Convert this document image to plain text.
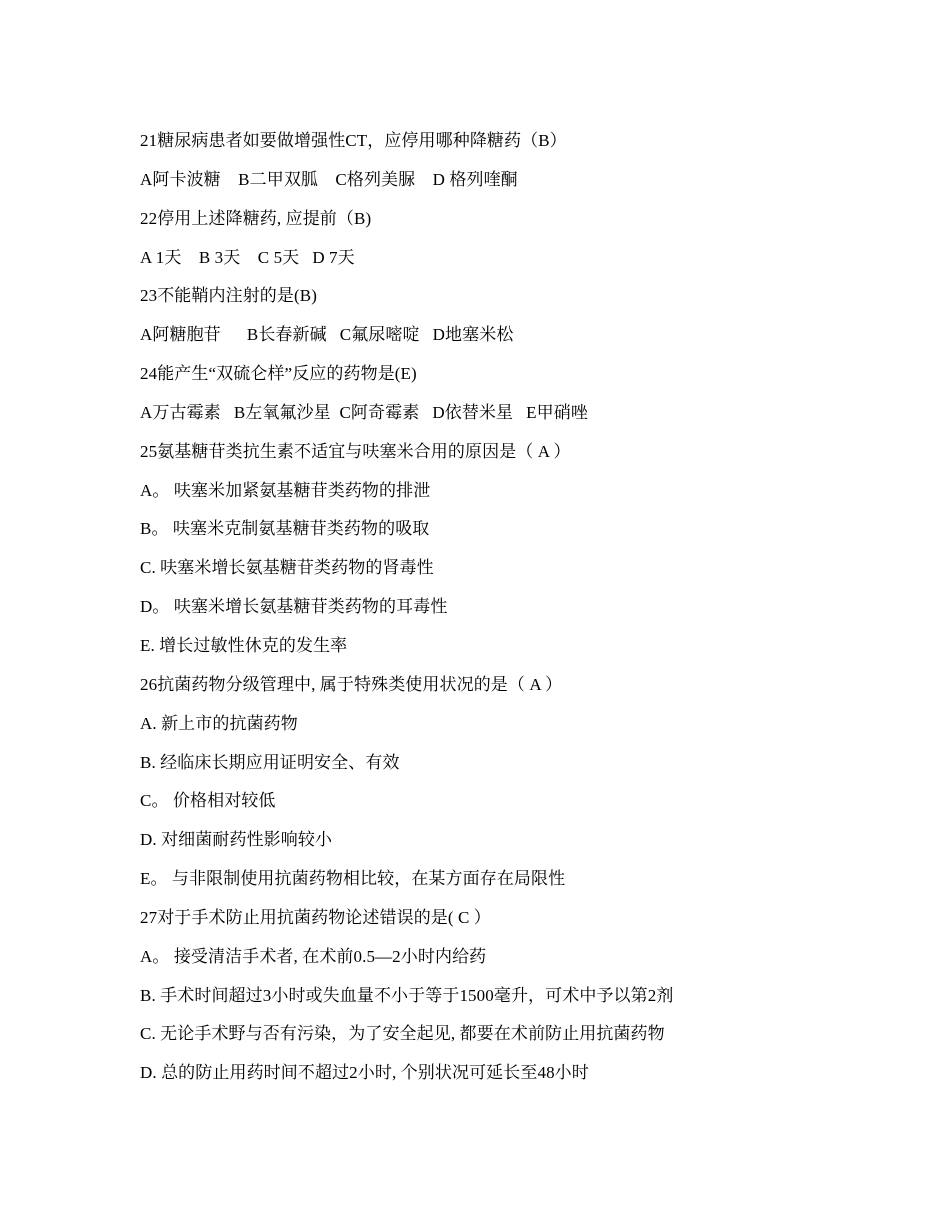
21糖尿病患者如要做增强性CT，应停用哪种降糖药（B）
A阿卡波糖    B二甲双胍    C格列美脲    D 格列喹酮
22停用上述降糖药, 应提前（B)
A 1天    B 3天    C 5天   D 7天
23不能鞘内注射的是(B)
A阿糖胞苷      B长春新碱   C氟尿嘧啶   D地塞米松
24能产生“双硫仑样”反应的药物是(E)
A万古霉素   B左氧氟沙星  C阿奇霉素   D依替米星   E甲硝唑
25氨基糖苷类抗生素不适宜与呋塞米合用的原因是（ A ）
A。 呋塞米加紧氨基糖苷类药物的排泄
B。 呋塞米克制氨基糖苷类药物的吸取
C. 呋塞米增长氨基糖苷类药物的肾毒性
D。 呋塞米增长氨基糖苷类药物的耳毒性
E. 增长过敏性休克的发生率
26抗菌药物分级管理中, 属于特殊类使用状况的是（ A ）
A. 新上市的抗菌药物
B. 经临床长期应用证明安全、有效
C。 价格相对较低
D. 对细菌耐药性影响较小
E。 与非限制使用抗菌药物相比较，在某方面存在局限性
27对于手术防止用抗菌药物论述错误的是( C ）
A。 接受清洁手术者, 在术前0.5—2小时内给药
B. 手术时间超过3小时或失血量不小于等于1500毫升，可术中予以第2剂
C. 无论手术野与否有污染，为了安全起见, 都要在术前防止用抗菌药物
D. 总的防止用药时间不超过2小时, 个别状况可延长至48小时
